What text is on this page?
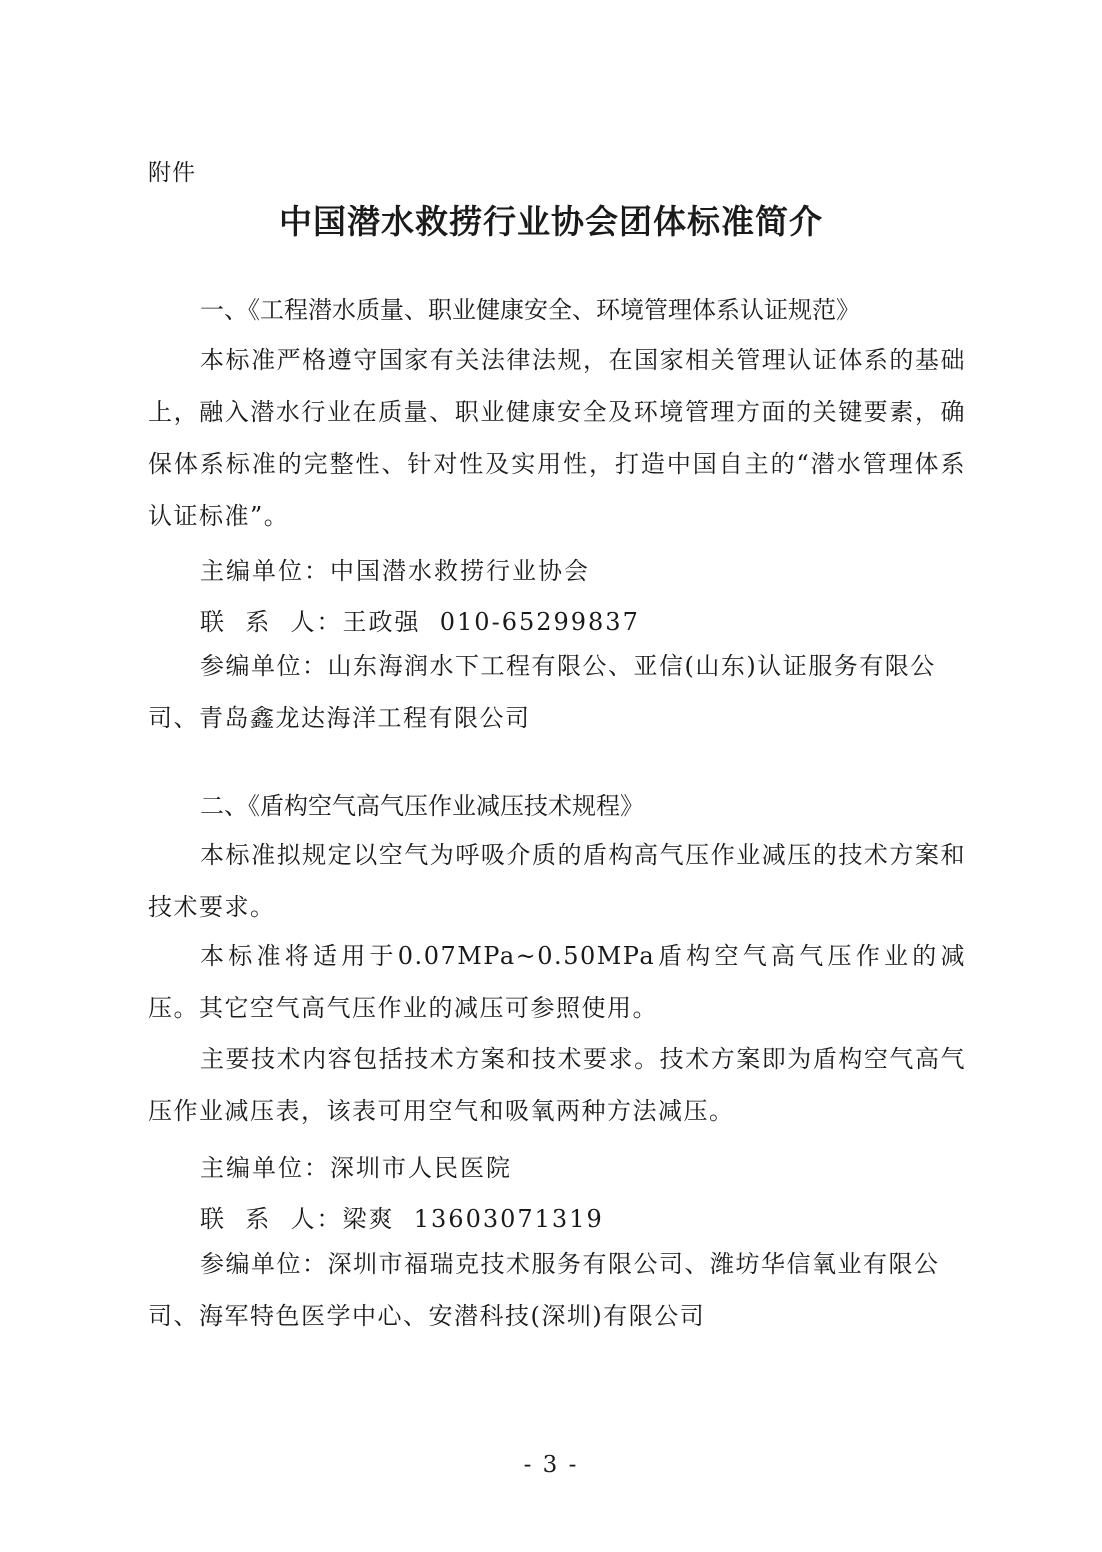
附件
中国潜水救捞行业协会团体标准简介
一、《工程潜水质量、职业健康安全、环境管理体系认证规范》
本标准严格遵守国家有关法律法规，在国家相关管理认证体系的基础上，融入潜水行业在质量、职业健康安全及环境管理方面的关键要素，确保体系标准的完整性、针对性及实用性，打造中国自主的“潜水管理体系认证标准”。
主编单位：中国潜水救捞行业协会
联  系  人：王政强  010-65299837
参编单位：山东海润水下工程有限公、亚信(山东)认证服务有限公司、青岛鑫龙达海洋工程有限公司
二、《盾构空气高气压作业减压技术规程》
本标准拟规定以空气为呼吸介质的盾构高气压作业减压的技术方案和技术要求。
本标准将适用于0.07MPa~0.50MPa盾构空气高气压作业的减压。其它空气高气压作业的减压可参照使用。
主要技术内容包括技术方案和技术要求。技术方案即为盾构空气高气压作业减压表，该表可用空气和吸氧两种方法减压。
主编单位：深圳市人民医院
联  系  人：梁爽  13603071319
参编单位：深圳市福瑞克技术服务有限公司、潍坊华信氧业有限公司、海军特色医学中心、安潜科技(深圳)有限公司
- 3 -
